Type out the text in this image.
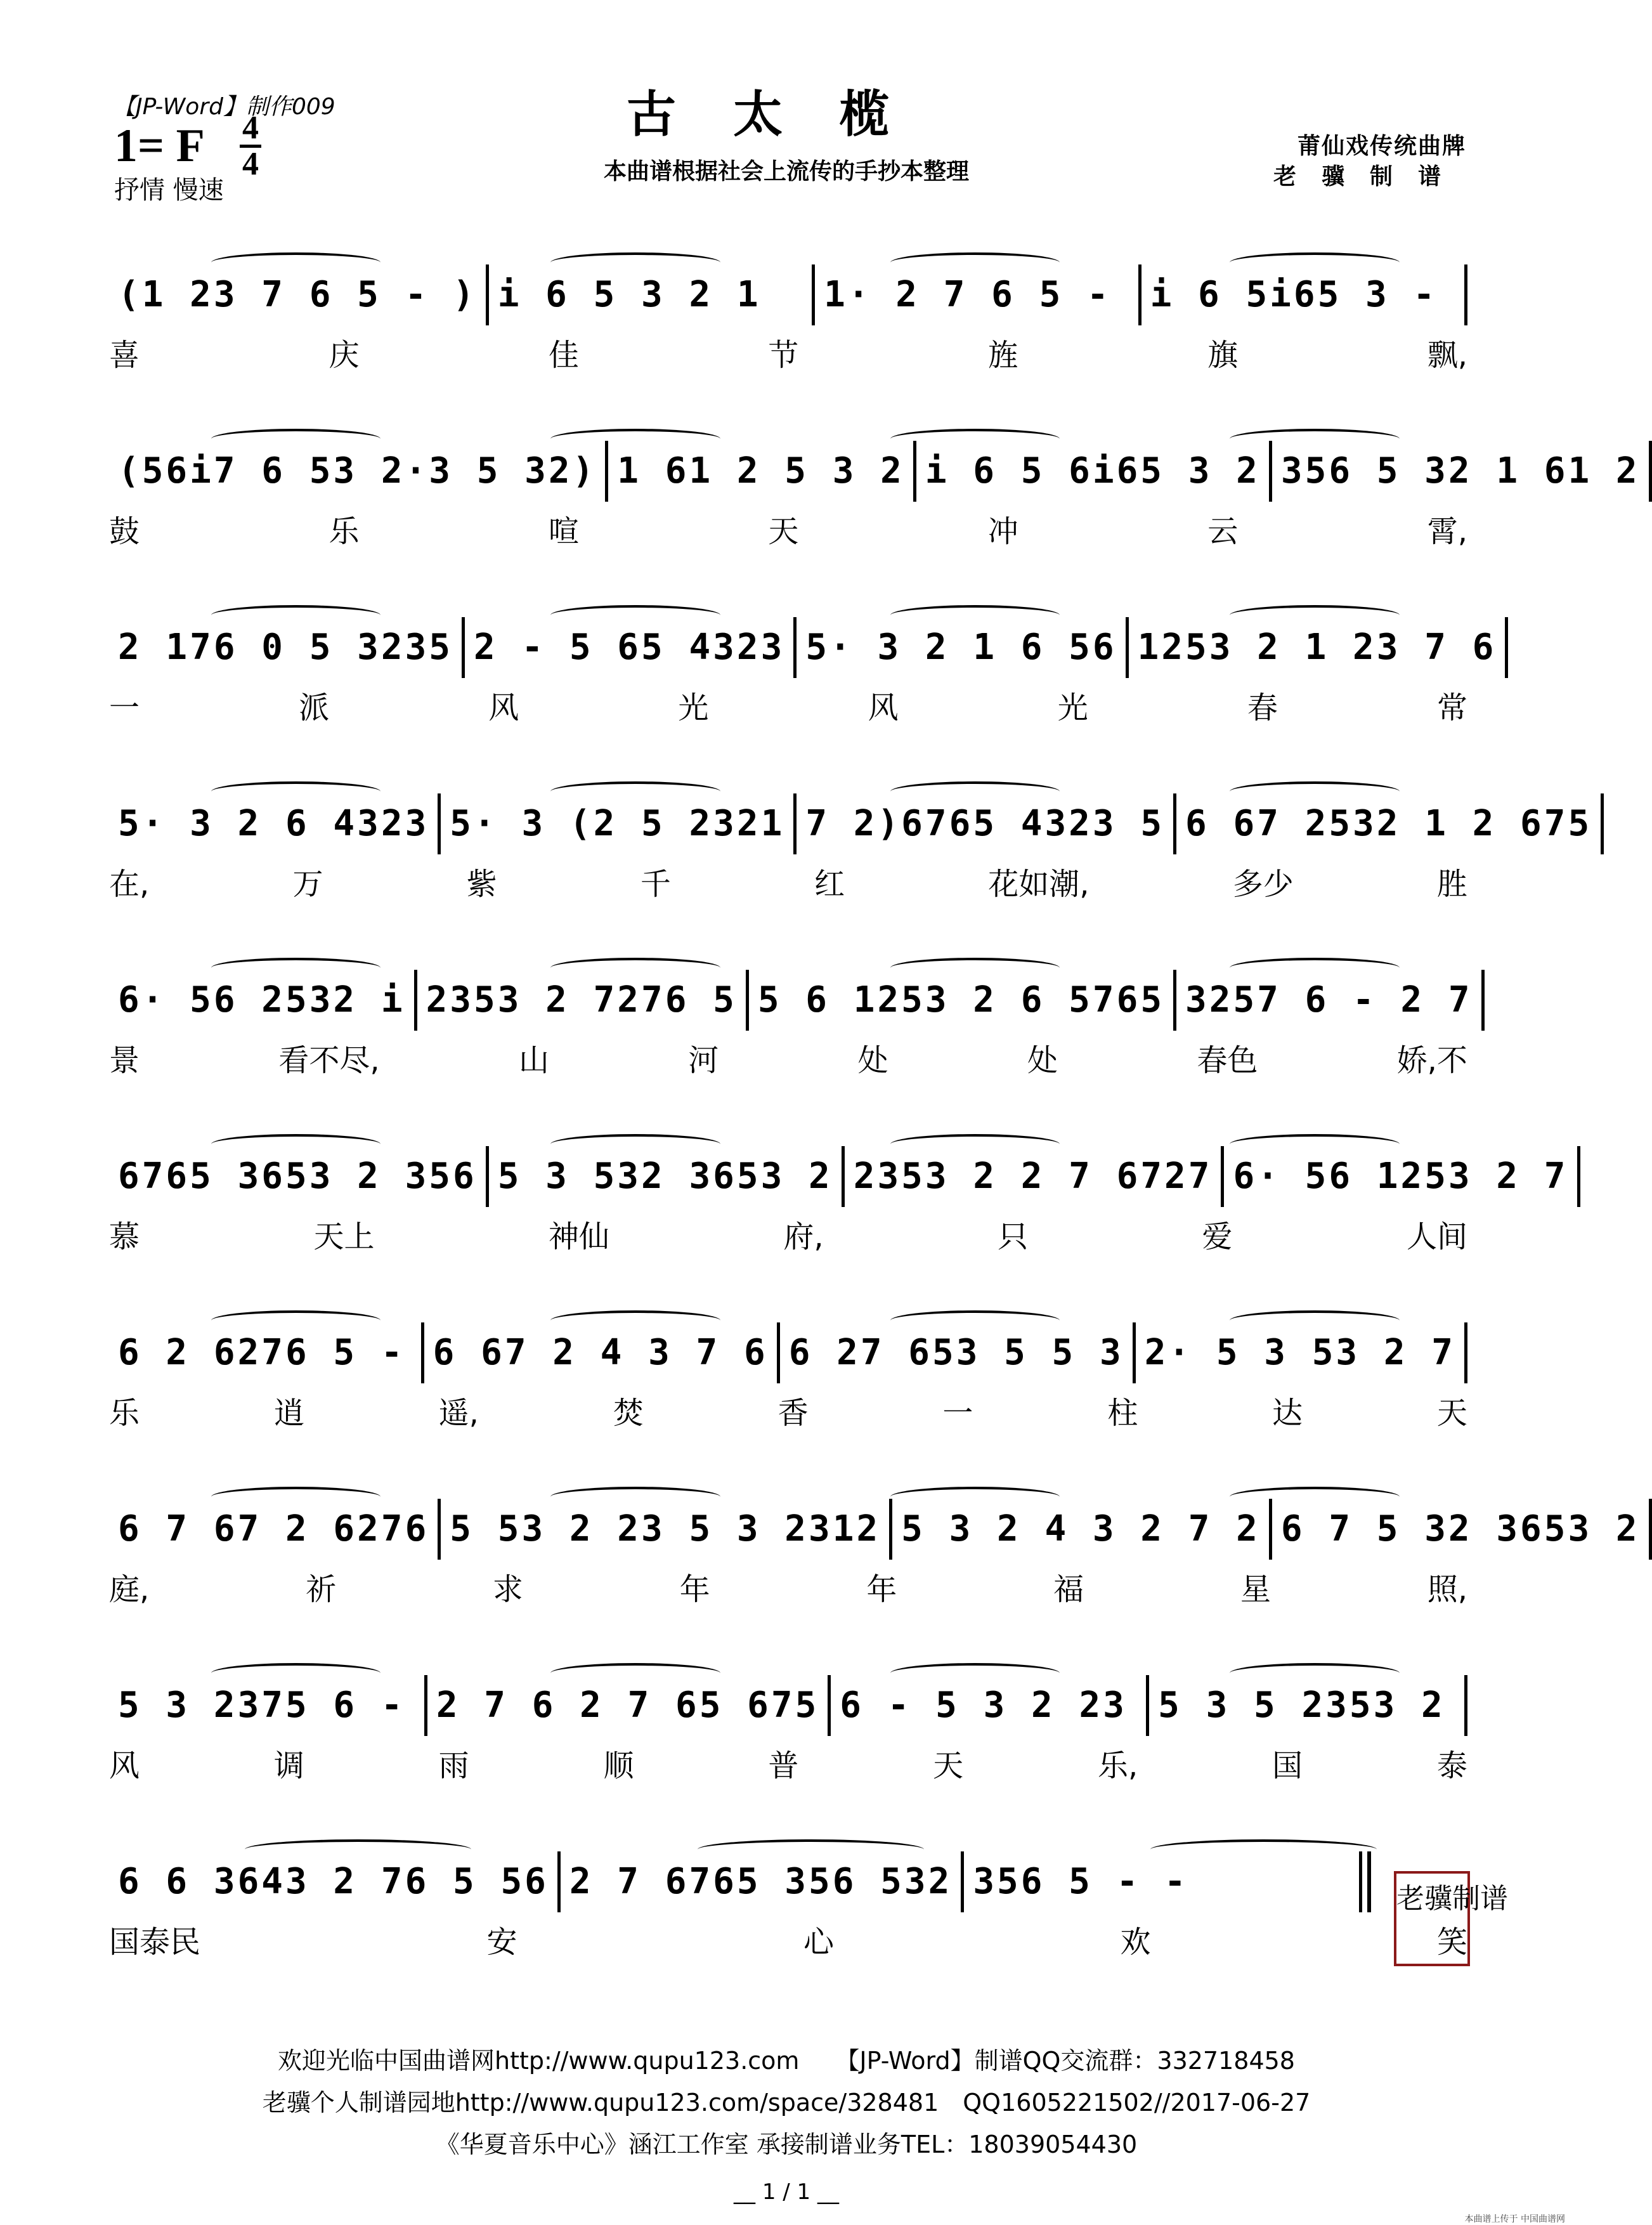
【JP-Word】制作009
1= F 4
4
抒情 慢速
古太榄
本曲谱根据社会上流传的手抄本整理
莆仙戏传统曲牌
老骥制谱
(1 23 7 6 5 - ) i 6 5 3 2 1	1· 2 7 6 5 -	i 6 5i65 3 -
喜	庆	佳	节	旌	旗	飘,
(56i7 6 53 2·3 5 32) 1 61 2 5 3 2 i 6 5 6i65 3 2 356 5 32 1 61 2
鼓	乐	喧	天	冲	云	霄,
2 176 0 5 3235 2 - 5 65 4323 5· 3 2 1 6 56 1253 2 1 23 7 6
一	派	风	光	风	光	春	常
5· 3 2 6 4323 5· 3 (2 5 2321 7 2)6765 4323 5 6 67 2532 1 2 675
在,	万	紫	千	红	花如潮,	多少	胜
6· 56 2532 i 2353 2 7276 5 5 6 1253 2 6 5765 3257 6 - 2 7
景	看不尽,	山	河	处	处	春色	娇,不
6765 3653 2 356 5 3 532 3653 2 2353 2 2 7 6727 6· 56 1253 2 7
慕	天上	神仙	府,	只	爱	人间
6 2 6276 5 - 6 67 2 4 3 7 6 6 27 653 5 5 3 2· 5 3 53 2 7
乐	逍	遥,	焚	香	一	柱	达	天
6 7 67 2 6276 5 53 2 23 5 3 2312 5 3 2 4 3 2 7 2 6 7 5 32 3653 2
庭,	祈	求	年	年	福	星	照,
5 3 2375 6 - 2 7 6 2 7 65 675 6 - 5 3 2 23 5 3 5 2353 2
风	调	雨	顺	普	天	乐,	国	泰
6 6 3643 2 76 5 56 2 7 6765 356 532 356 5 - -
国泰民	安	心	欢	笑
老骥制谱
欢迎光临中国曲谱网http://www.qupu123.com　　【JP-Word】制谱QQ交流群：332718458
老骥个人制谱园地http://www.qupu123.com/space/328481　QQ1605221502//2017-06-27
《华夏音乐中心》涵江工作室 承接制谱业务TEL：18039054430
__ 1 / 1 __
本曲谱上传于 中国曲谱网
